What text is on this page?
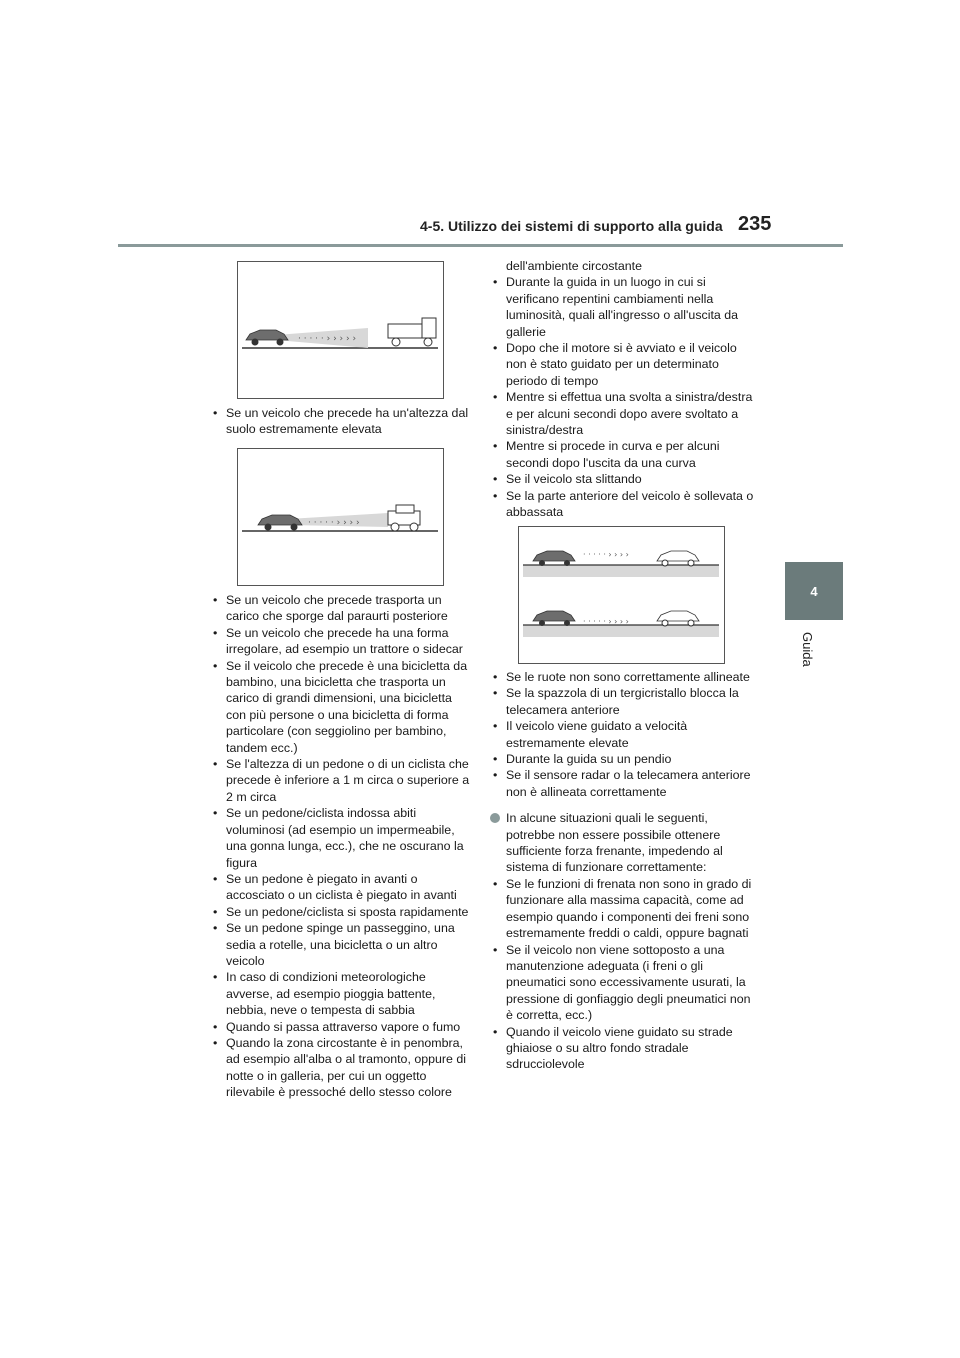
4-5. Utilizzo dei sistemi di supporto alla guida 235
4
Guida
· · · · · › › › › ›
• Se un veicolo che precede ha un'altezza dal suolo estremamente elevata
· · · · · › › › ›
• Se un veicolo che precede trasporta un carico che sporge dal paraurti posteriore
• Se un veicolo che precede ha una forma irregolare, ad esempio un trattore o sidecar
• Se il veicolo che precede è una bicicletta da bambino, una bicicletta che trasporta un carico di grandi dimensioni, una bicicletta con più persone o una bicicletta di forma particolare (con seggiolino per bambino, tandem ecc.)
• Se l'altezza di un pedone o di un ciclista che precede è inferiore a 1 m circa o superiore a 2 m circa
• Se un pedone/ciclista indossa abiti voluminosi (ad esempio un impermeabile, una gonna lunga, ecc.), che ne oscurano la figura
• Se un pedone è piegato in avanti o accosciato o un ciclista è piegato in avanti
• Se un pedone/ciclista si sposta rapidamente
• Se un pedone spinge un passeggino, una sedia a rotelle, una bicicletta o un altro veicolo
• In caso di condizioni meteorologiche avverse, ad esempio pioggia battente, nebbia, neve o tempesta di sabbia
• Quando si passa attraverso vapore o fumo
• Quando la zona circostante è in penombra, ad esempio all'alba o al tramonto, oppure di notte o in galleria, per cui un oggetto rilevabile è pressoché dello stesso colore
dell'ambiente circostante
• Durante la guida in un luogo in cui si verificano repentini cambiamenti nella luminosità, quali all'ingresso o all'uscita da gallerie
• Dopo che il motore si è avviato e il veicolo non è stato guidato per un determinato periodo di tempo
• Mentre si effettua una svolta a sinistra/destra e per alcuni secondi dopo avere svoltato a sinistra/destra
• Mentre si procede in curva e per alcuni secondi dopo l'uscita da una curva
• Se il veicolo sta slittando
• Se la parte anteriore del veicolo è sollevata o abbassata
· · · · · › › › ›
· · · · · › › › ›
• Se le ruote non sono correttamente allineate
• Se la spazzola di un tergicristallo blocca la telecamera anteriore
• Il veicolo viene guidato a velocità estremamente elevate
• Durante la guida su un pendio
• Se il sensore radar o la telecamera anteriore non è allineata correttamente
In alcune situazioni quali le seguenti, potrebbe non essere possibile ottenere sufficiente forza frenante, impedendo al sistema di funzionare correttamente:
• Se le funzioni di frenata non sono in grado di funzionare alla massima capacità, come ad esempio quando i componenti dei freni sono estremamente freddi o caldi, oppure bagnati
• Se il veicolo non viene sottoposto a una manutenzione adeguata (i freni o gli pneumatici sono eccessivamente usurati, la pressione di gonfiaggio degli pneumatici non è corretta, ecc.)
• Quando il veicolo viene guidato su strade ghiaiose o su altro fondo stradale sdrucciolevole
